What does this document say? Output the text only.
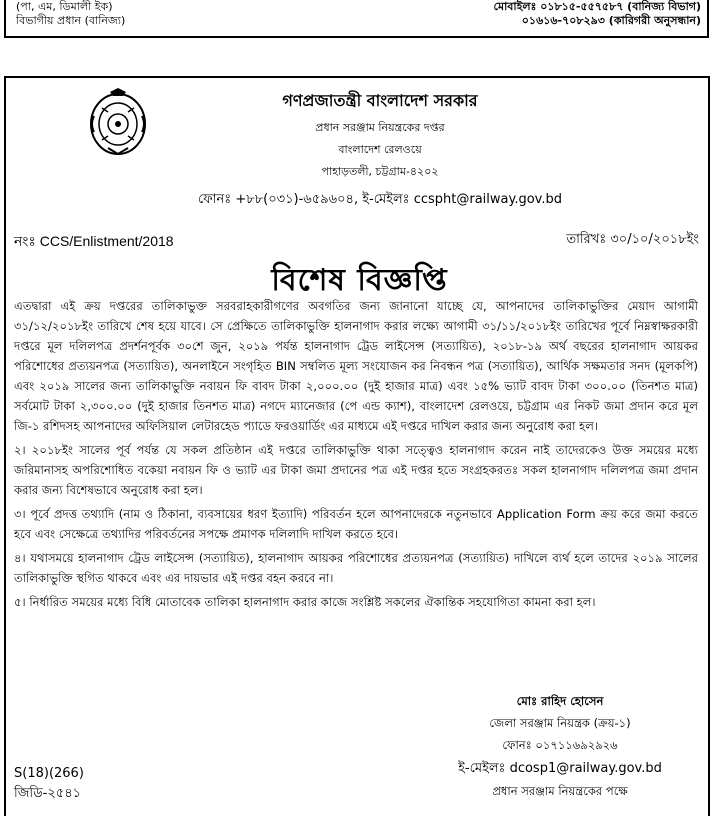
(পা, এম, ডিমালী ইক)
বিভাগীয় প্রধান (বানিজ্য)
মোবাইলঃ ০১৮১৫-৫৫৭৫৮৭ (বানিজ্য বিভাগ)
০১৬১৬-৭০৮২৯৩ (কারিগরী অনুসন্ধান)
গণপ্রজাতন্ত্রী বাংলাদেশ সরকার
প্রধান সরঞ্জাম নিয়ন্ত্রকের দপ্তর
বাংলাদেশ রেলওয়ে
পাহাড়তলী, চট্টগ্রাম-৪২০২
ফোনঃ +৮৮(০৩১)-৬৫৯৬০৪, ই-মেইলঃ ccspht@railway.gov.bd
নংঃ CCS/Enlistment/2018	তারিখঃ ৩০/১০/২০১৮ইং
বিশেষ বিজ্ঞপ্তি

এতদ্বারা এই ক্রয় দপ্তরের তালিকাভুক্ত সরবরাহকারীগণের অবগতির জন্য জানানো যাচ্ছে যে, আপনাদের তালিকাভুক্তির মেয়াদ আগামী ৩১/১২/২০১৮ইং তারিখে শেষ হয়ে যাবে। সে প্রেক্ষিতে তালিকাভুক্তি হালনাগাদ করার লক্ষ্যে আগামী ৩১/১১/২০১৮ইং তারিখের পূর্বে নিম্নস্বাক্ষরকারী দপ্তরে মূল দলিলপত্র প্রদর্শনপূর্বক ৩০শে জুন, ২০১৯ পর্যন্ত হালনাগাদ ট্রেড লাইসেন্স (সত্যায়িত), ২০১৮-১৯ অর্থ বছরের হালনাগাদ আয়কর পরিশোধের প্রত্যয়নপত্র (সত্যায়িত), অনলাইনে সংগৃহিত BIN সম্বলিত মূল্য সংযোজন কর নিবন্ধন পত্র (সত্যায়িত), আর্থিক সক্ষমতার সনদ (মূলকপি) এবং ২০১৯ সালের জন্য তালিকাভুক্তি নবায়ন ফি বাবদ টাকা ২,০০০.০০ (দুই হাজার মাত্র) এবং ১৫% ভ্যাট বাবদ টাকা ৩০০.০০ (তিনশত মাত্র) সর্বমোট টাকা ২,৩০০.০০ (দুই হাজার তিনশত মাত্র) নগদে ম্যানেজার (পে এন্ড ক্যাশ), বাংলাদেশ রেলওয়ে, চট্টগ্রাম এর নিকট জমা প্রদান করে মূল জি-১ রশিদসহ আপনাদের অফিসিয়াল লেটারহেড প্যাডে ফরওয়ার্ডিং এর মাধ্যমে এই দপ্তরে দাখিল করার জন্য অনুরোধ করা হল।

২। ২০১৮ইং সালের পূর্ব পর্যন্ত যে সকল প্রতিষ্ঠান এই দপ্তরে তালিকাভুক্তি থাকা সত্ত্বেও হালনাগাদ করেন নাই তাদেরকেও উক্ত সময়ের মধ্যে জরিমানাসহ অপরিশোধিত বকেয়া নবায়ন ফি ও ভ্যাট এর টাকা জমা প্রদানের পত্র এই দপ্তর হতে সংগ্রহকরতঃ সকল হালনাগাদ দলিলপত্র জমা প্রদান করার জন্য বিশেষভাবে অনুরোধ করা হল।

৩। পূর্বে প্রদত্ত তথ্যাদি (নাম ও ঠিকানা, ব্যবসায়ের ধরণ ইত্যাদি) পরিবর্তন হলে আপনাদেরকে নতুনভাবে Application Form ক্রয় করে জমা করতে হবে এবং সেক্ষেত্রে তথ্যাদির পরিবর্তনের সপক্ষে প্রমাণক দলিলাদি দাখিল করতে হবে।

৪। যথাসময়ে হালনাগাদ ট্রেড লাইসেন্স (সত্যায়িত), হালনাগাদ আয়কর পরিশোধের প্রত্যয়নপত্র (সত্যায়িত) দাখিলে ব্যর্থ হলে তাদের ২০১৯ সালের তালিকাভুক্তি স্থগিত থাকবে এবং এর দায়ভার এই দপ্তর বহন করবে না।

৫। নির্ধারিত সময়ের মধ্যে বিধি মোতাবেক তালিকা হালনাগাদ করার কাজে সংশ্লিষ্ট সকলের ঐকান্তিক সহযোগিতা কামনা করা হল।

মোঃ রাহিদ হোসেন
জেলা সরঞ্জাম নিয়ন্ত্রক (ক্রয়-১)
ফোনঃ ০১৭১১৬৯২৯২৬
ই-মেইলঃ dcosp1@railway.gov.bd
প্রধান সরঞ্জাম নিয়ন্ত্রকের পক্ষে
S(18)(266)
জিডি-২৫৪১
